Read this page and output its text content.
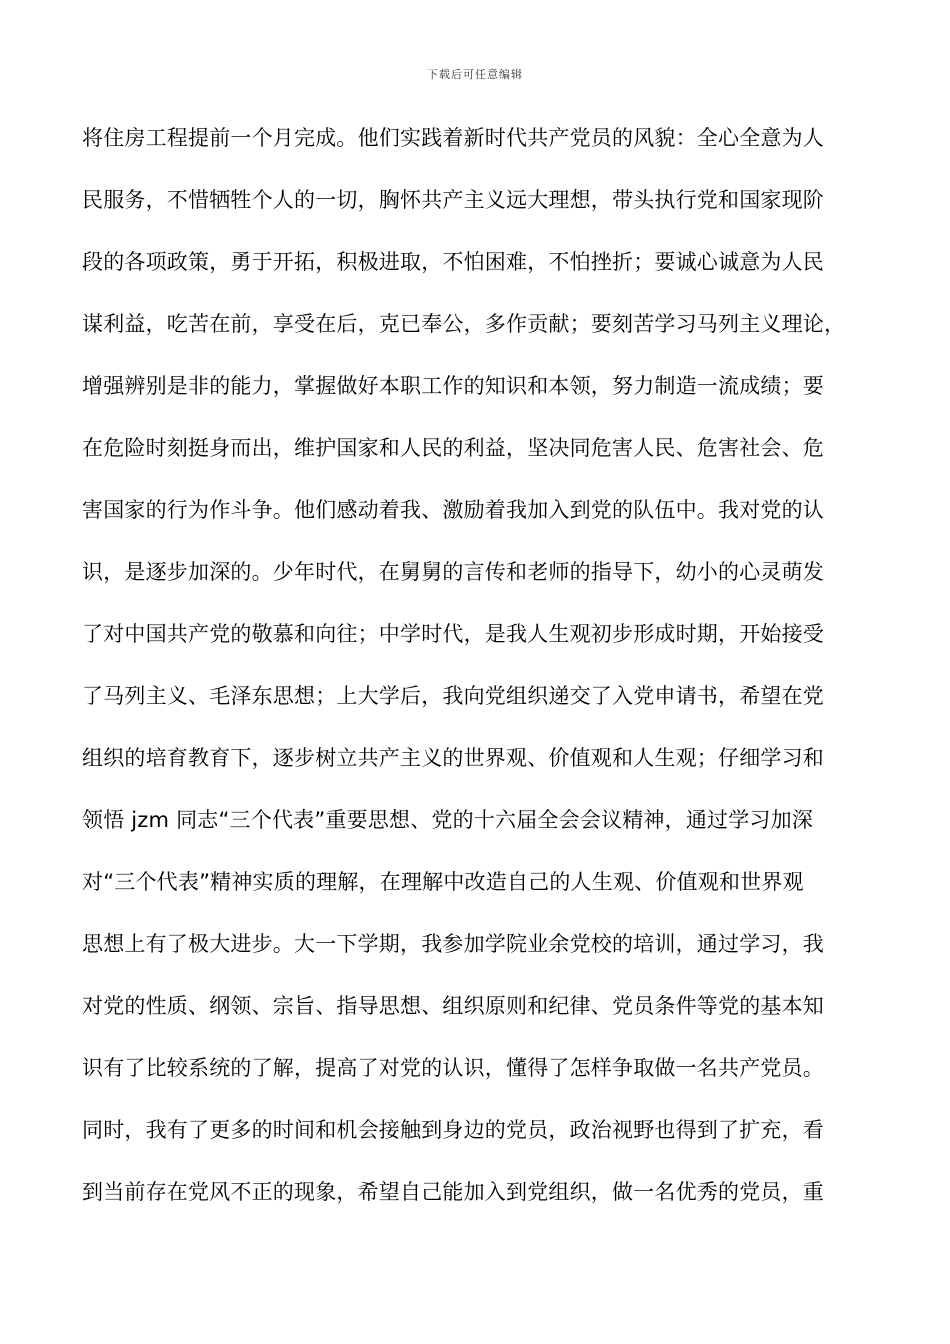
下载后可任意编辑
将住房工程提前一个月完成。他们实践着新时代共产党员的风貌：全心全意为人
民服务，不惜牺牲个人的一切，胸怀共产主义远大理想，带头执行党和国家现阶
段的各项政策，勇于开拓，积极进取，不怕困难，不怕挫折；要诚心诚意为人民
谋利益，吃苦在前，享受在后，克已奉公，多作贡献；要刻苦学习马列主义理论，
增强辨别是非的能力，掌握做好本职工作的知识和本领，努力制造一流成绩；要
在危险时刻挺身而出，维护国家和人民的利益，坚决同危害人民、危害社会、危
害国家的行为作斗争。他们感动着我、激励着我加入到党的队伍中。我对党的认
识，是逐步加深的。少年时代，在舅舅的言传和老师的指导下，幼小的心灵萌发
了对中国共产党的敬慕和向往；中学时代，是我人生观初步形成时期，开始接受
了马列主义、毛泽东思想；上大学后，我向党组织递交了入党申请书，希望在党
组织的培育教育下，逐步树立共产主义的世界观、价值观和人生观；仔细学习和
领悟 jzm 同志“三个代表”重要思想、党的十六届全会会议精神，通过学习加深
对“三个代表”精神实质的理解，在理解中改造自己的人生观、价值观和世界观
思想上有了极大进步。大一下学期，我参加学院业余党校的培训，通过学习，我
对党的性质、纲领、宗旨、指导思想、组织原则和纪律、党员条件等党的基本知
识有了比较系统的了解，提高了对党的认识，懂得了怎样争取做一名共产党员。
同时，我有了更多的时间和机会接触到身边的党员，政治视野也得到了扩充，看
到当前存在党风不正的现象，希望自己能加入到党组织，做一名优秀的党员，重
